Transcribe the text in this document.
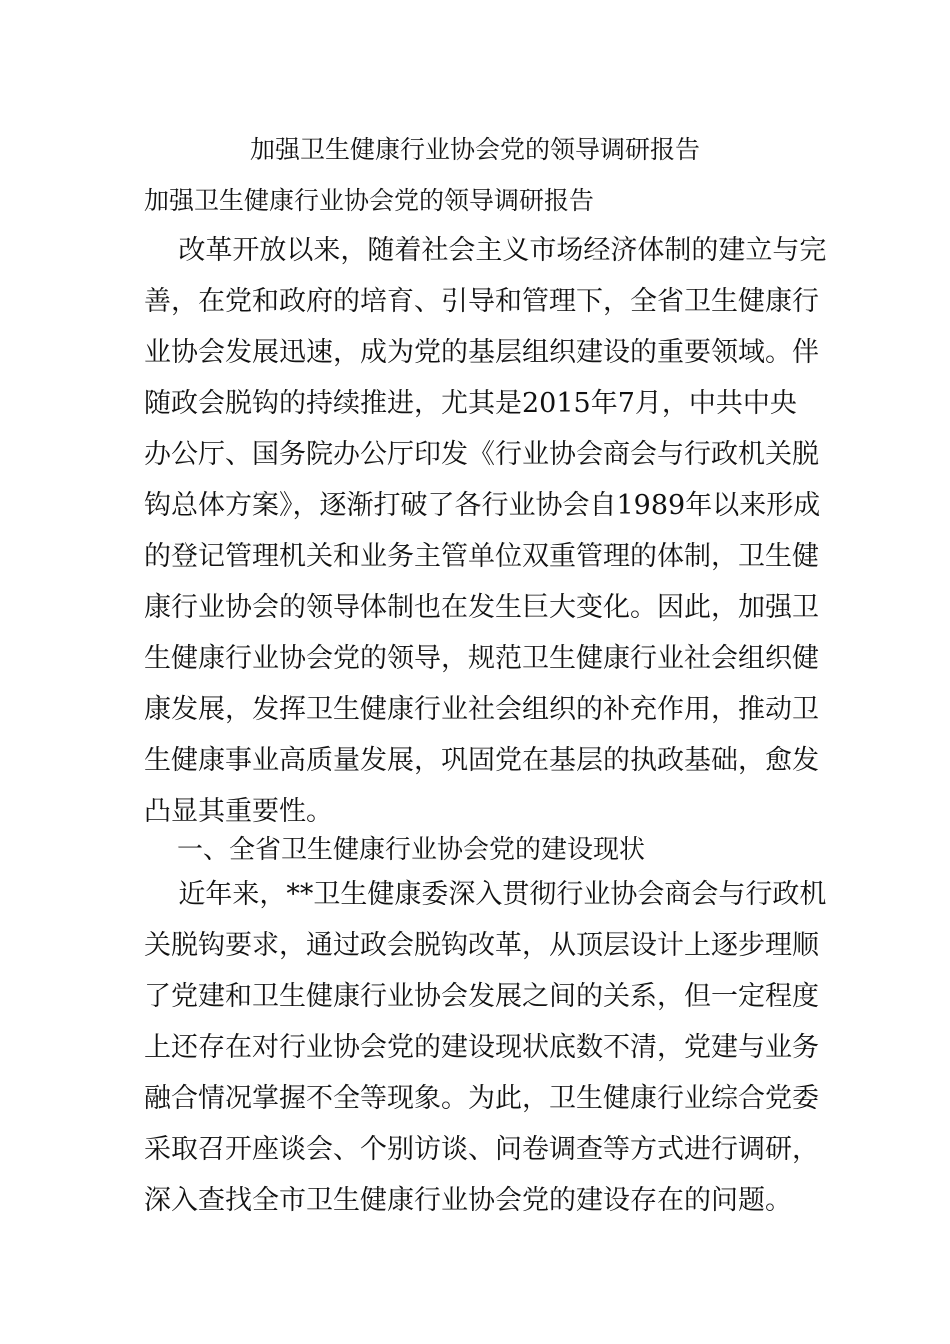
加强卫生健康行业协会党的领导调研报告
加强卫生健康行业协会党的领导调研报告
改革开放以来，随着社会主义市场经济体制的建立与完
善，在党和政府的培育、引导和管理下，全省卫生健康行
业协会发展迅速，成为党的基层组织建设的重要领域。伴
随政会脱钩的持续推进，尤其是2015年7月，中共中央
办公厅、国务院办公厅印发《行业协会商会与行政机关脱
钩总体方案》，逐渐打破了各行业协会自1989年以来形成
的登记管理机关和业务主管单位双重管理的体制，卫生健
康行业协会的领导体制也在发生巨大变化。因此，加强卫
生健康行业协会党的领导，规范卫生健康行业社会组织健
康发展，发挥卫生健康行业社会组织的补充作用，推动卫
生健康事业高质量发展，巩固党在基层的执政基础，愈发
凸显其重要性。
一、全省卫生健康行业协会党的建设现状
近年来，**卫生健康委深入贯彻行业协会商会与行政机
关脱钩要求，通过政会脱钩改革，从顶层设计上逐步理顺
了党建和卫生健康行业协会发展之间的关系，但一定程度
上还存在对行业协会党的建设现状底数不清，党建与业务
融合情况掌握不全等现象。为此，卫生健康行业综合党委
采取召开座谈会、个别访谈、问卷调查等方式进行调研，
深入查找全市卫生健康行业协会党的建设存在的问题。
